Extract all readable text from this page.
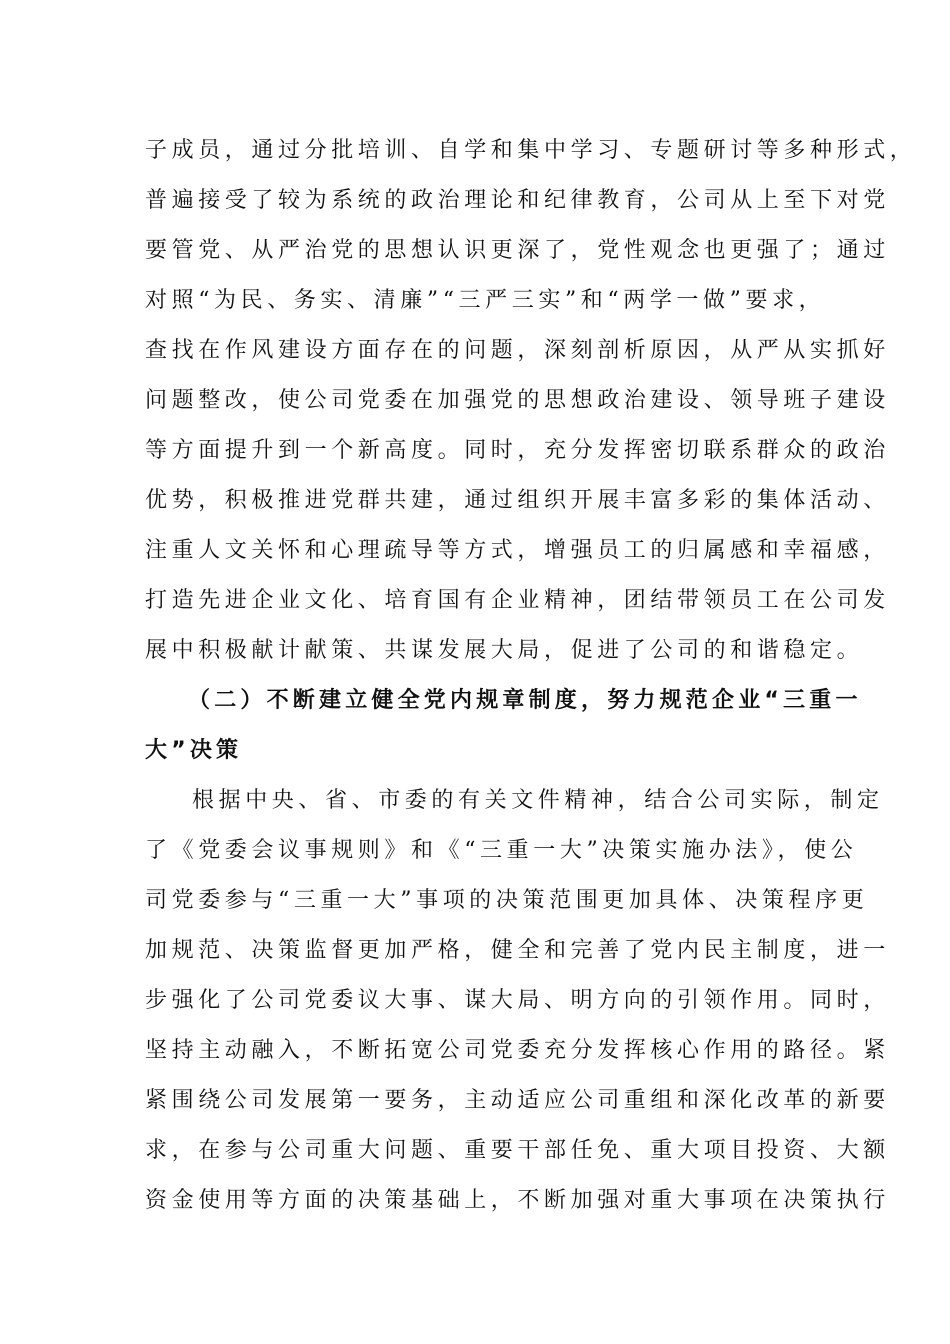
子成员，通过分批培训、自学和集中学习、专题研讨等多种形式，
普遍接受了较为系统的政治理论和纪律教育，公司从上至下对党
要管党、从严治党的思想认识更深了，党性观念也更强了；通过
对照“为民、务实、清廉”“三严三实”和“两学一做”要求，
查找在作风建设方面存在的问题，深刻剖析原因，从严从实抓好
问题整改，使公司党委在加强党的思想政治建设、领导班子建设
等方面提升到一个新高度。同时，充分发挥密切联系群众的政治
优势，积极推进党群共建，通过组织开展丰富多彩的集体活动、
注重人文关怀和心理疏导等方式，增强员工的归属感和幸福感，
打造先进企业文化、培育国有企业精神，团结带领员工在公司发
展中积极献计献策、共谋发展大局，促进了公司的和谐稳定。
（二）不断建立健全党内规章制度，努力规范企业“三重一
大”决策
根据中央、省、市委的有关文件精神，结合公司实际，制定
了《党委会议事规则》和《“三重一大”决策实施办法》，使公
司党委参与“三重一大”事项的决策范围更加具体、决策程序更
加规范、决策监督更加严格，健全和完善了党内民主制度，进一
步强化了公司党委议大事、谋大局、明方向的引领作用。同时，
坚持主动融入，不断拓宽公司党委充分发挥核心作用的路径。紧
紧围绕公司发展第一要务，主动适应公司重组和深化改革的新要
求，在参与公司重大问题、重要干部任免、重大项目投资、大额
资金使用等方面的决策基础上，不断加强对重大事项在决策执行
